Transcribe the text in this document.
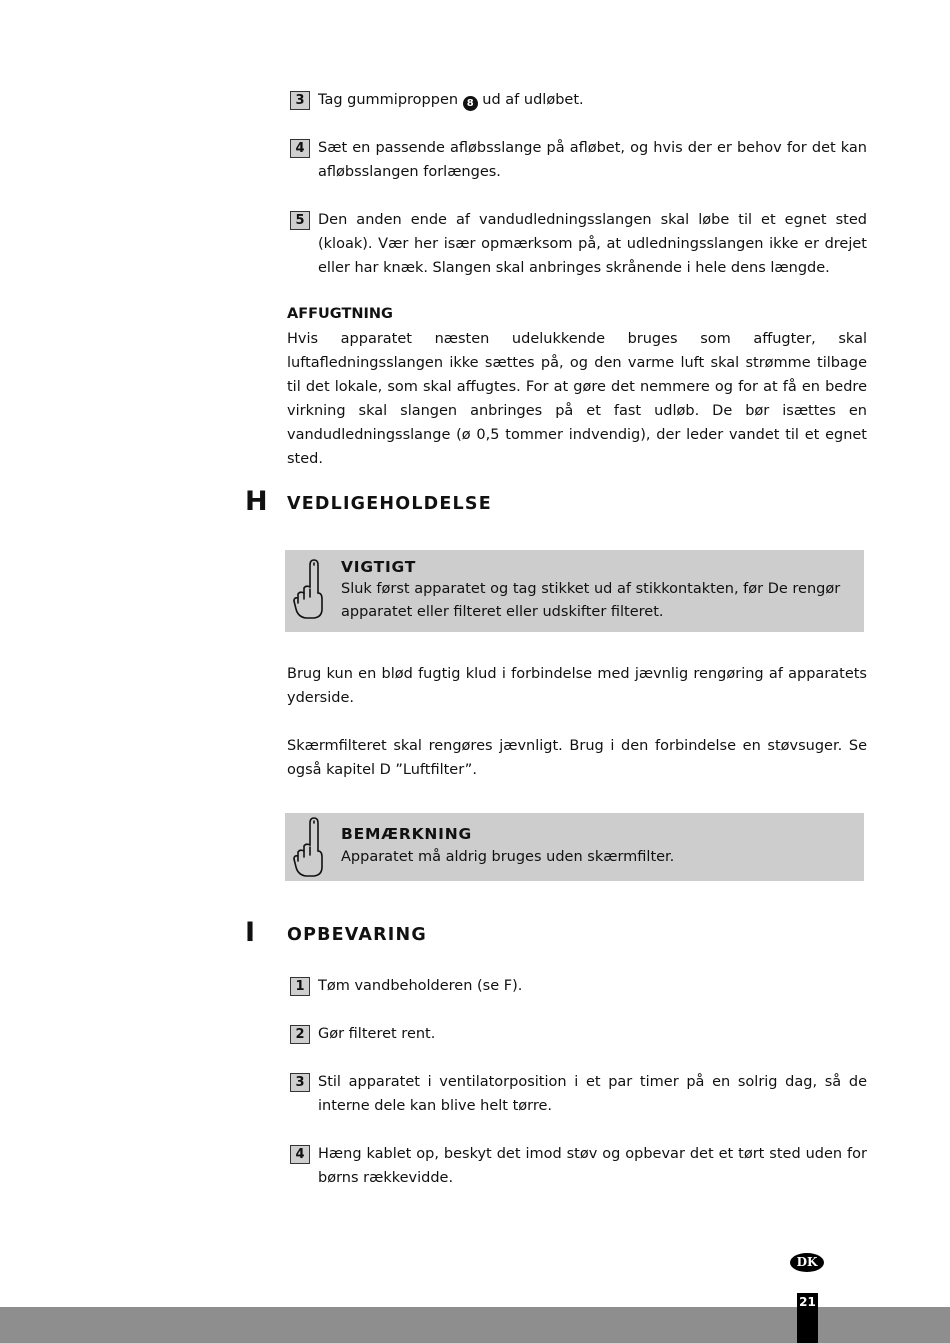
3 Tag gummiproppen 8 ud af udløbet.
4 Sæt en passende afløbsslange på afløbet, og hvis der er behov for det kan afløbsslangen forlænges.
5 Den anden ende af vandudledningsslangen skal løbe til et egnet sted (kloak). Vær her især opmærksom på, at udledningsslangen ikke er drejet eller har knæk. Slangen skal anbringes skrånende i hele dens længde.
AFFUGTNING
Hvis apparatet næsten udelukkende bruges som affugter, skal luftafledningsslangen ikke sættes på, og den varme luft skal strømme tilbage til det lokale, som skal affugtes. For at gøre det nemmere og for at få en bedre virkning skal slangen anbringes på et fast udløb. De bør isættes en vandudledningsslange (ø 0,5 tommer indvendig), der leder vandet til et egnet sted.
H VEDLIGEHOLDELSE
VIGTIGT
Sluk først apparatet og tag stikket ud af stikkontakten, før De rengør apparatet eller filteret eller udskifter filteret.
Brug kun en blød fugtig klud i forbindelse med jævnlig rengøring af apparatets yderside.
Skærmfilteret skal rengøres jævnligt. Brug i den forbindelse en støvsuger. Se også kapitel D ”Luftfilter”.
BEMÆRKNING
Apparatet må aldrig bruges uden skærmfilter.
I OPBEVARING
1 Tøm vandbeholderen (se F).
2 Gør filteret rent.
3 Stil apparatet i ventilatorposition i et par timer på en solrig dag, så de interne dele kan blive helt tørre.
4 Hæng kablet op, beskyt det imod støv og opbevar det et tørt sted uden for børns rækkevidde.
DK
21
